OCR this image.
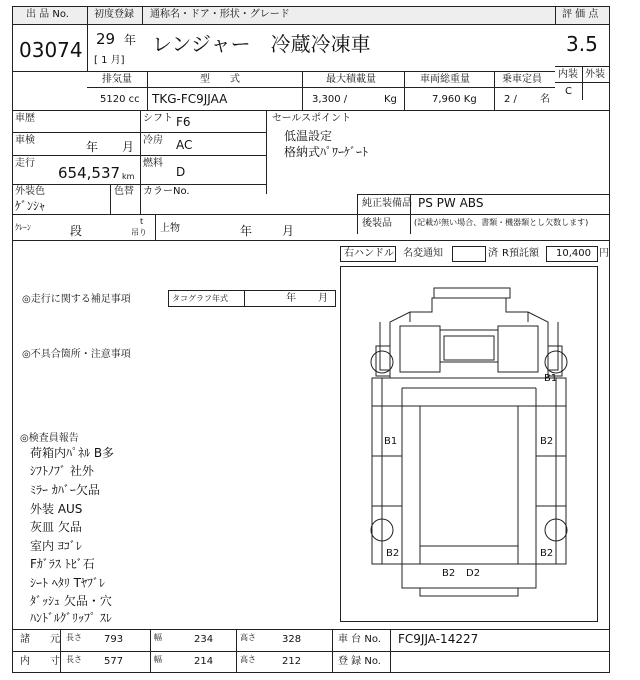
出 品 No.
03074
初度登録
29 年
[ 1 月]
通称名・ドア・形状・グレード
レンジャー　冷蔵冷凍車
評 価 点
3.5
内装 外装
C
排気量	型　　式	最大積載量	車両総重量	乗車定員
5120 cc TKG-FC9JJAA	3,300 /	Kg	7,960 Kg	2 / 名
車歴
車検	年 月
走行
654,537 km
シフト F6
冷房 AC
燃料
D
セールスポイント
低温設定
格納式ﾊﾟﾜｰｹﾞｰﾄ
外装色
ｹﾞﾝｼｬ
色替 カラーNo.
純正装備品 PS PW ABS
後装品	(記載が無い場合、書類・機器類とし欠数します)
ｸﾚｰﾝ	段
t
吊り 上物	年 月
右ハンドル 名変通知	済 R預託額 10,400 円
◎走行に関する補足事項	タコグラフ年式	年 月
◎不具合箇所・注意事項
◎検査員報告
荷箱内ﾊﾟﾈﾙ B多
ｼﾌﾄﾉﾌﾞ 社外
ﾐﾗｰ ｶﾊﾞｰ欠品
外装 AUS
灰皿 欠品
室内 ﾖｺﾞﾚ
Fｶﾞﾗｽ ﾄﾋﾞ石
ｼｰﾄ ﾍﾀﾘ Tﾔﾌﾞﾚ
ﾀﾞｯｼｭ 欠品・穴
ﾊﾝﾄﾞﾙｸﾞﾘｯﾌﾟ ｽﾚ
B1
B1	B2
B2	B2
B2 D2
諸　　元
内　　寸
長さ 793	幅	234	高さ	328
長さ 577	幅	214	高さ	212
車 台 No. FC9JJA-14227
登 録 No.
